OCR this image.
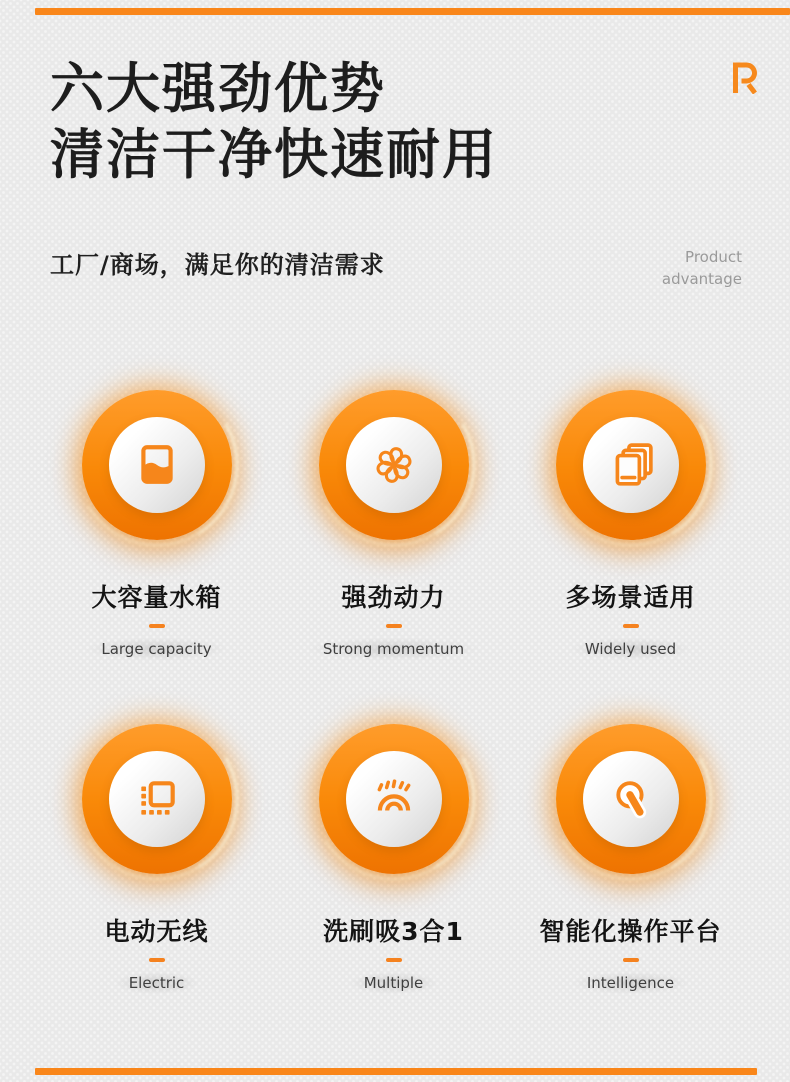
六大强劲优势
清洁干净快速耐用
工厂/商场，满足你的清洁需求	Product
advantage
大容量水箱
Large capacity
强劲动力
Strong momentum
多场景适用
Widely used
电动无线
Electric
洗刷吸3合1
Multiple
智能化操作平台
Intelligence
